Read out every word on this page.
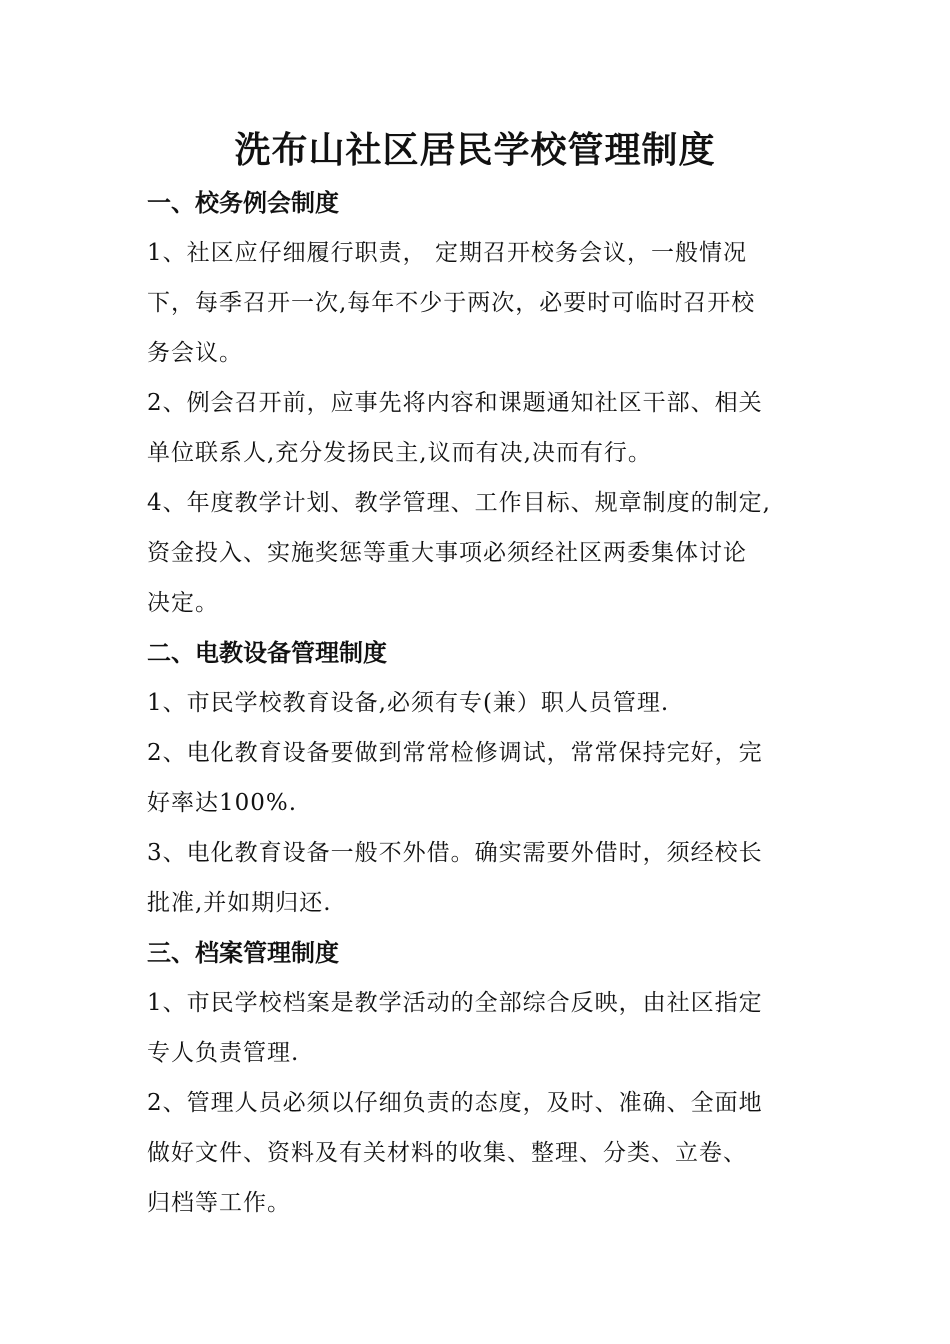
洗布山社区居民学校管理制度
一、校务例会制度
1、社区应仔细履行职责， 定期召开校务会议，一般情况
下，每季召开一次,每年不少于两次，必要时可临时召开校
务会议。
2、例会召开前，应事先将内容和课题通知社区干部、相关
单位联系人,充分发扬民主,议而有决,决而有行。
4、年度教学计划、教学管理、工作目标、规章制度的制定,
资金投入、实施奖惩等重大事项必须经社区两委集体讨论
决定。
二、电教设备管理制度
1、市民学校教育设备,必须有专(兼）职人员管理.
2、电化教育设备要做到常常检修调试，常常保持完好，完
好率达100%.
3、电化教育设备一般不外借。确实需要外借时，须经校长
批准,并如期归还.
三、档案管理制度
1、市民学校档案是教学活动的全部综合反映，由社区指定
专人负责管理.
2、管理人员必须以仔细负责的态度，及时、准确、全面地
做好文件、资料及有关材料的收集、整理、分类、立卷、
归档等工作。
